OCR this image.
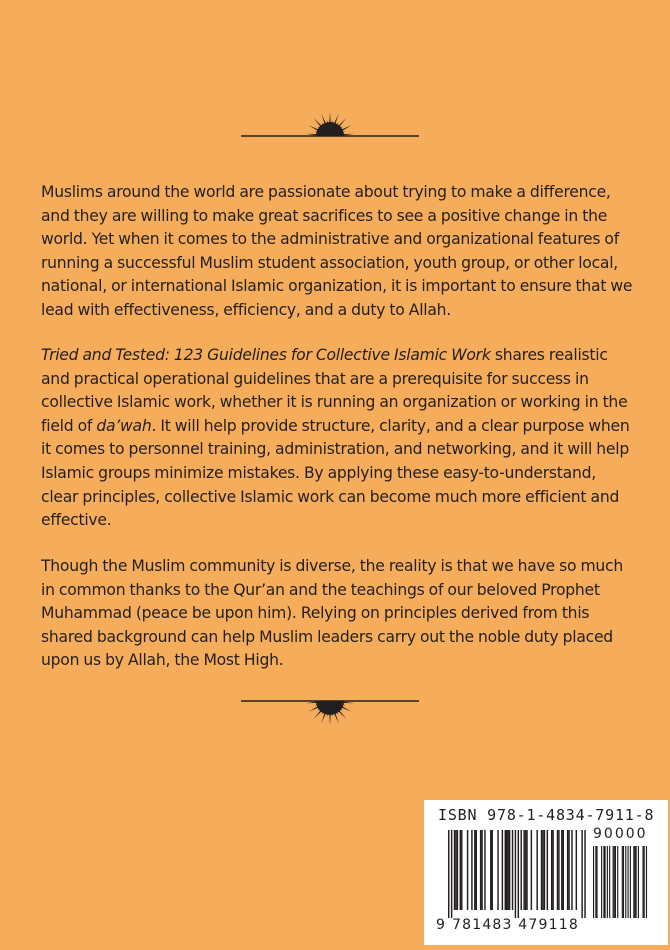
Muslims around the world are passionate about trying to make a difference, and they are willing to make great sacrifices to see a positive change in the world. Yet when it comes to the administrative and organizational features of running a successful Muslim student association, youth group, or other local, national, or international Islamic organization, it is important to ensure that we lead with effectiveness, efficiency, and a duty to Allah.
Tried and Tested: 123 Guidelines for Collective Islamic Work shares realistic and practical operational guidelines that are a prerequisite for success in collective Islamic work, whether it is running an organization or working in the field of da’wah. It will help provide structure, clarity, and a clear purpose when it comes to personnel training, administration, and networking, and it will help Islamic groups minimize mistakes. By applying these easy-to-understand, clear principles, collective Islamic work can become much more efficient and effective.
Though the Muslim community is diverse, the reality is that we have so much in common thanks to the Qur’an and the teachings of our beloved Prophet Muhammad (peace be upon him). Relying on principles derived from this shared background can help Muslim leaders carry out the noble duty placed upon us by Allah, the Most High.
ISBN 978-1-4834-7911-8
90000
9 781483 479118
